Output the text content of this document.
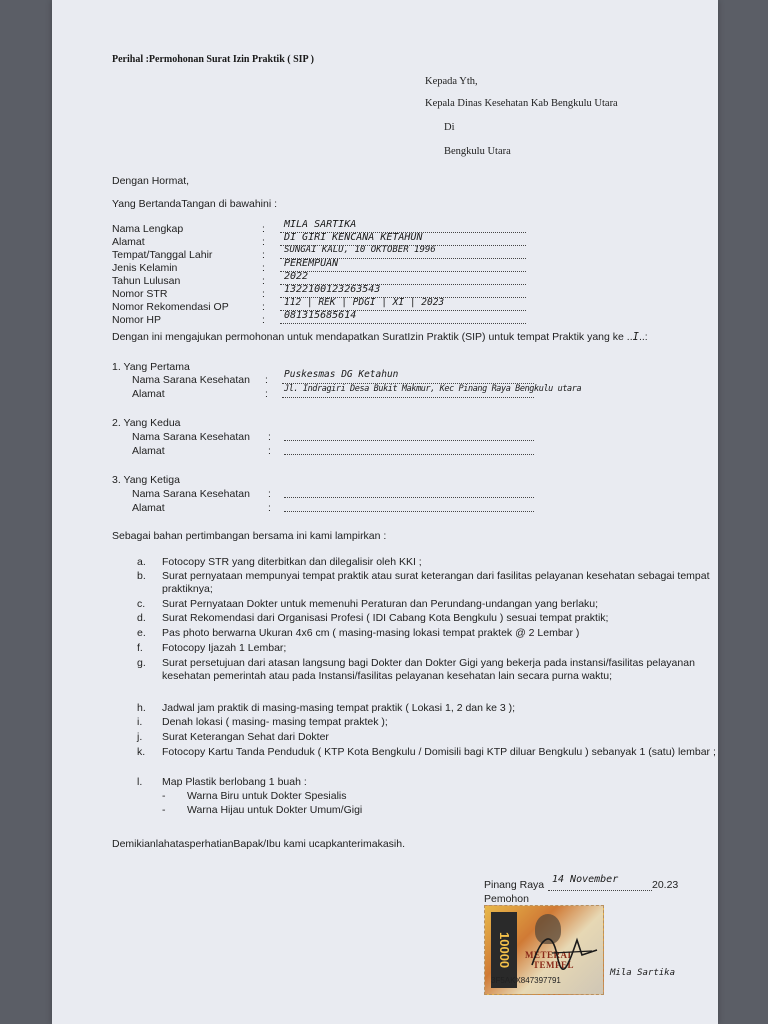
Perihal :Permohonan Surat Izin Praktik ( SIP )
Kepada Yth,
Kepala Dinas Kesehatan Kab Bengkulu Utara
Di
Bengkulu Utara
Dengan Hormat,
Yang BertandaTangan di bawahini :
Nama Lengkap	: MILA SARTIKA
Alamat	: DI GIRI KENCANA KETAHUN
Tempat/Tanggal Lahir	: SUNGAI KALU, 10 OKTOBER 1996
Jenis Kelamin	: PEREMPUAN
Tahun Lulusan	: 2022
Nomor STR	: 1322100123263543
Nomor Rekomendasi OP	: 112 | REK | PDGI | XI | 2023
Nomor HP	: 081315685614
Dengan ini mengajukan permohonan untuk mendapatkan SuratIzin Praktik (SIP) untuk tempat Praktik yang ke ..I..:
1. Yang Pertama
Nama Sarana Kesehatan : Puskesmas DG Ketahun
Alamat	: Jl. Indragiri Desa Bukit Makmur, Kec Pinang Raya Bengkulu utara
2. Yang Kedua
Nama Sarana Kesehatan :
Alamat	:
3. Yang Ketiga
Nama Sarana Kesehatan :
Alamat	:
Sebagai bahan pertimbangan bersama ini kami lampirkan :
a.	Fotocopy STR yang diterbitkan dan dilegalisir oleh KKI ;
b.	Surat pernyataan mempunyai tempat praktik atau surat keterangan dari fasilitas pelayanan kesehatan sebagai tempat praktiknya;
c.	Surat Pernyataan Dokter untuk memenuhi Peraturan dan Perundang-undangan yang berlaku;
d.	Surat Rekomendasi dari Organisasi Profesi ( IDI Cabang Kota Bengkulu ) sesuai tempat praktik;
e.	Pas photo berwarna Ukuran 4x6 cm ( masing-masing lokasi tempat praktek @ 2 Lembar )
f.	Fotocopy Ijazah 1 Lembar;
g.	Surat persetujuan dari atasan langsung bagi Dokter dan Dokter Gigi yang bekerja pada instansi/fasilitas pelayanan kesehatan pemerintah atau pada Instansi/fasilitas pelayanan kesehatan lain secara purna waktu;
h.	Jadwal jam praktik di masing-masing tempat praktik ( Lokasi 1, 2 dan ke 3 );
i.	Denah lokasi ( masing- masing tempat praktek );
j.	Surat Keterangan Sehat dari Dokter
k.	Fotocopy Kartu Tanda Penduduk ( KTP Kota Bengkulu / Domisili bagi KTP diluar Bengkulu ) sebanyak 1 (satu) lembar ;
l.	Map Plastik berlobang 1 buah :
-	Warna Biru untuk Dokter Spesialis
-	Warna Hijau untuk Dokter Umum/Gigi
DemikianlahatasperhatianBapak/Ibu kami ucapkanterimakasih.
Pinang Raya 14 November	20.23
Pemohon
10000	METERAI
TEMPEL
3F5AKX847397791
Mila Sartika
